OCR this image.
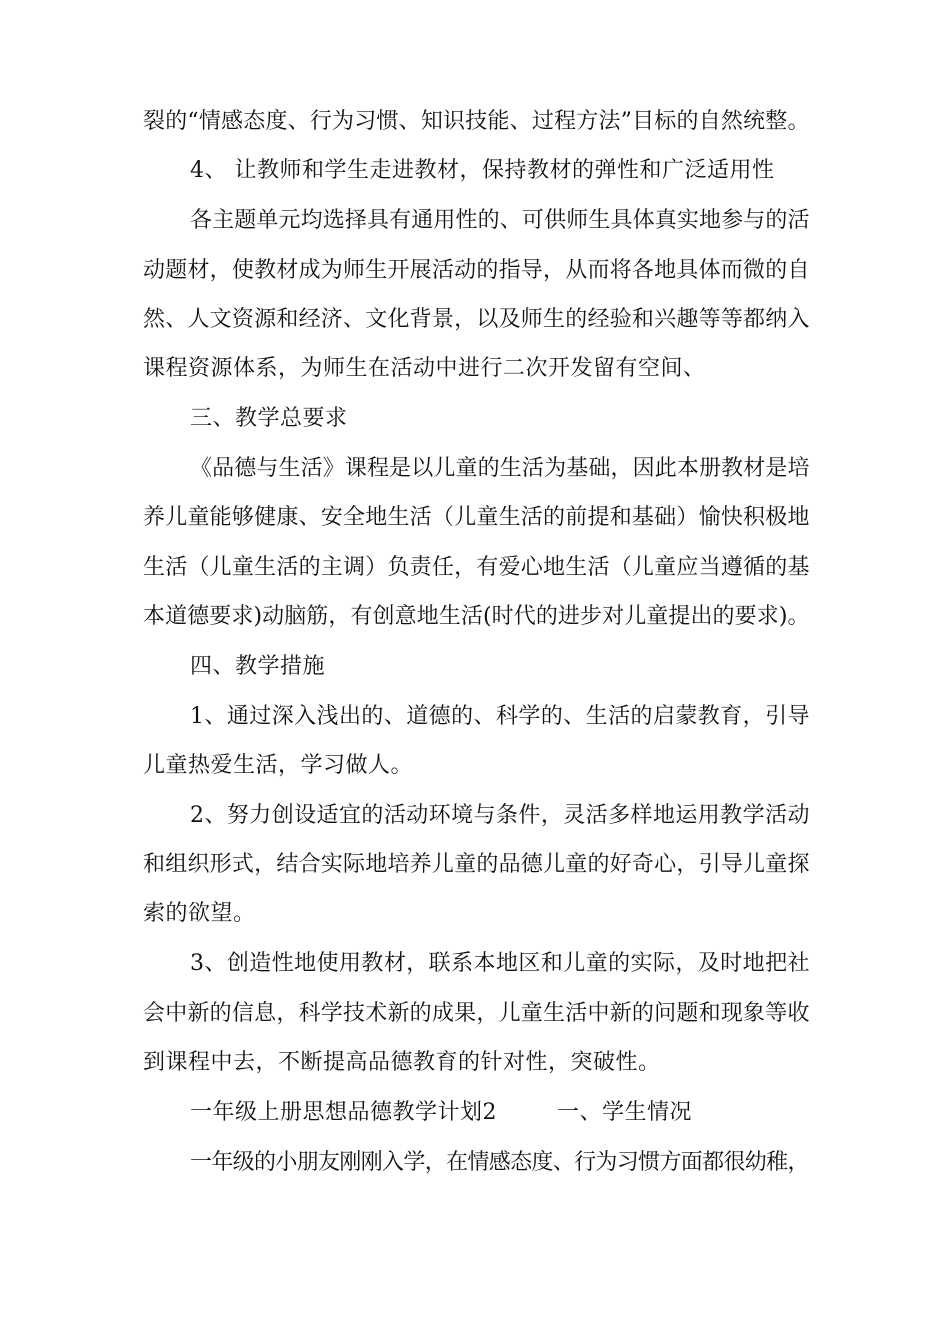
裂的“情感态度、行为习惯、知识技能、过程方法”目标的自然统整。
4、 让教师和学生走进教材，保持教材的弹性和广泛适用性
各主题单元均选择具有通用性的、可供师生具体真实地参与的活
动题材，使教材成为师生开展活动的指导，从而将各地具体而微的自
然、人文资源和经济、文化背景，以及师生的经验和兴趣等等都纳入
课程资源体系，为师生在活动中进行二次开发留有空间、
三、教学总要求
《品德与生活》课程是以儿童的生活为基础，因此本册教材是培
养儿童能够健康、安全地生活（儿童生活的前提和基础）愉快积极地
生活（儿童生活的主调）负责任，有爱心地生活（儿童应当遵循的基
本道德要求)动脑筋，有创意地生活(时代的进步对儿童提出的要求)。
四、教学措施
1、通过深入浅出的、道德的、科学的、生活的启蒙教育，引导
儿童热爱生活，学习做人。
2、努力创设适宜的活动环境与条件，灵活多样地运用教学活动
和组织形式，结合实际地培养儿童的品德儿童的好奇心，引导儿童探
索的欲望。
3、创造性地使用教材，联系本地区和儿童的实际，及时地把社
会中新的信息，科学技术新的成果，儿童生活中新的问题和现象等收
到课程中去，不断提高品德教育的针对性，突破性。
一年级上册思想品德教学计划2        一、学生情况
一年级的小朋友刚刚入学，在情感态度、行为习惯方面都很幼稚，
